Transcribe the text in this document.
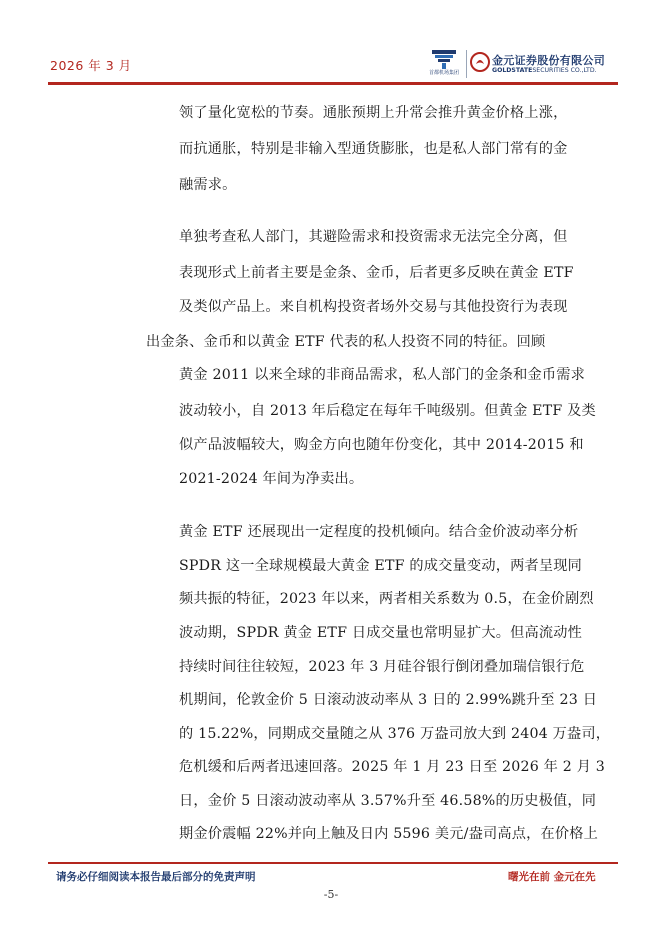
2026 年 3 月	首都机场集团
金元证券股份有限公司
GOLDSTATESECURITIES CO.,LTD.
领了量化宽松的节奏。通胀预期上升常会推升黄金价格上涨，
而抗通胀，特别是非输入型通货膨胀，也是私人部门常有的金
融需求。
单独考查私人部门，其避险需求和投资需求无法完全分离，但
表现形式上前者主要是金条、金币，后者更多反映在黄金 ETF
及类似产品上。来自机构投资者场外交易与其他投资行为表现
出金条、金币和以黄金 ETF 代表的私人投资不同的特征。回顾
黄金 2011 以来全球的非商品需求，私人部门的金条和金币需求
波动较小，自 2013 年后稳定在每年千吨级别。但黄金 ETF 及类
似产品波幅较大，购金方向也随年份变化，其中 2014-2015 和
2021-2024 年间为净卖出。
黄金 ETF 还展现出一定程度的投机倾向。结合金价波动率分析
SPDR 这一全球规模最大黄金 ETF 的成交量变动，两者呈现同
频共振的特征，2023 年以来，两者相关系数为 0.5，在金价剧烈
波动期，SPDR 黄金 ETF 日成交量也常明显扩大。但高流动性
持续时间往往较短，2023 年 3 月硅谷银行倒闭叠加瑞信银行危
机期间，伦敦金价 5 日滚动波动率从 3 日的 2.99%跳升至 23 日
的 15.22%，同期成交量随之从 376 万盎司放大到 2404 万盎司，
危机缓和后两者迅速回落。2025 年 1 月 23 日至 2026 年 2 月 3
日，金价 5 日滚动波动率从 3.57%升至 46.58%的历史极值，同
期金价震幅 22%并向上触及日内 5596 美元/盎司高点，在价格上
请务必仔细阅读本报告最后部分的免责声明	曙光在前 金元在先
-5-
